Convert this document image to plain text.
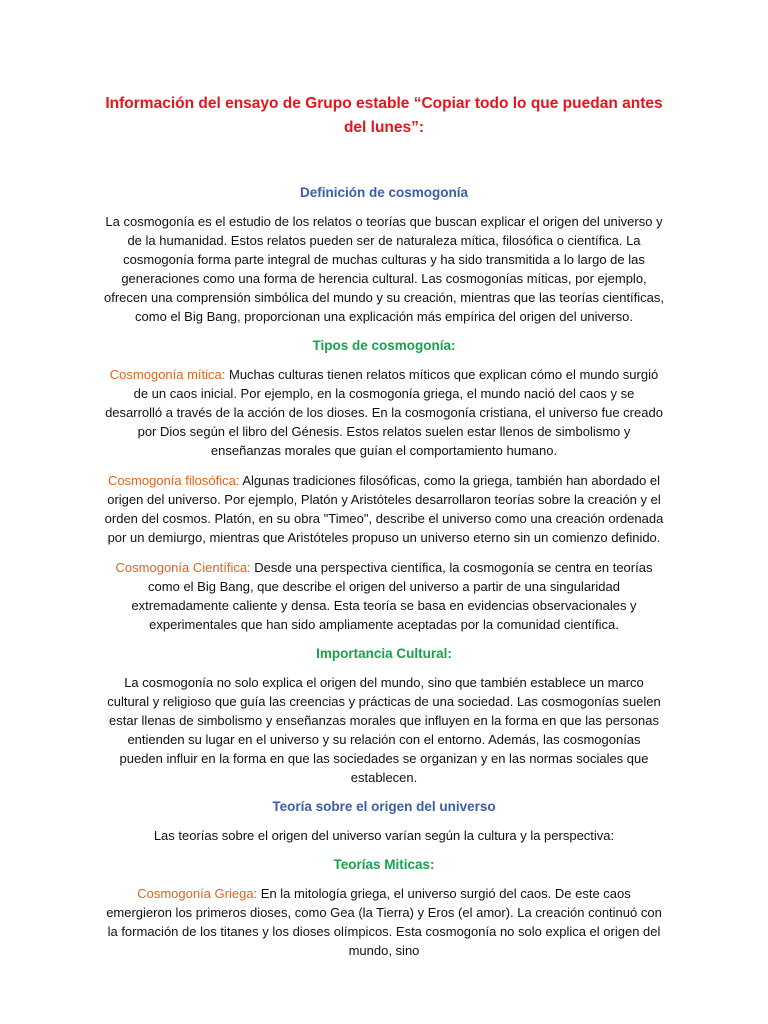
Información del ensayo de Grupo estable “Copiar todo lo que puedan antes del lunes”:
Definición de cosmogonía

La cosmogonía es el estudio de los relatos o teorías que buscan explicar el origen del universo y de la humanidad. Estos relatos pueden ser de naturaleza mítica, filosófica o científica. La cosmogonía forma parte integral de muchas culturas y ha sido transmitida a lo largo de las generaciones como una forma de herencia cultural. Las cosmogonías míticas, por ejemplo, ofrecen una comprensión simbólica del mundo y su creación, mientras que las teorías científicas, como el Big Bang, proporcionan una explicación más empírica del origen del universo.

Tipos de cosmogonía:

Cosmogonía mítica: Muchas culturas tienen relatos míticos que explican cómo el mundo surgió de un caos inicial. Por ejemplo, en la cosmogonía griega, el mundo nació del caos y se desarrolló a través de la acción de los dioses. En la cosmogonía cristiana, el universo fue creado por Dios según el libro del Génesis. Estos relatos suelen estar llenos de simbolismo y enseñanzas morales que guían el comportamiento humano.

Cosmogonía filosófica: Algunas tradiciones filosóficas, como la griega, también han abordado el origen del universo. Por ejemplo, Platón y Aristóteles desarrollaron teorías sobre la creación y el orden del cosmos. Platón, en su obra "Timeo", describe el universo como una creación ordenada por un demiurgo, mientras que Aristóteles propuso un universo eterno sin un comienzo definido.

Cosmogonía Científica: Desde una perspectiva científica, la cosmogonía se centra en teorías como el Big Bang, que describe el origen del universo a partir de una singularidad extremadamente caliente y densa. Esta teoría se basa en evidencias observacionales y experimentales que han sido ampliamente aceptadas por la comunidad científica.

Importancia Cultural:

La cosmogonía no solo explica el origen del mundo, sino que también establece un marco cultural y religioso que guía las creencias y prácticas de una sociedad. Las cosmogonías suelen estar llenas de simbolismo y enseñanzas morales que influyen en la forma en que las personas entienden su lugar en el universo y su relación con el entorno. Además, las cosmogonías pueden influir en la forma en que las sociedades se organizan y en las normas sociales que establecen.

Teoría sobre el origen del universo

Las teorías sobre el origen del universo varían según la cultura y la perspectiva:

Teorías Miticas:

Cosmogonía Griega: En la mitología griega, el universo surgió del caos. De este caos emergieron los primeros dioses, como Gea (la Tierra) y Eros (el amor). La creación continuó con la formación de los titanes y los dioses olímpicos. Esta cosmogonía no solo explica el origen del mundo, sino
